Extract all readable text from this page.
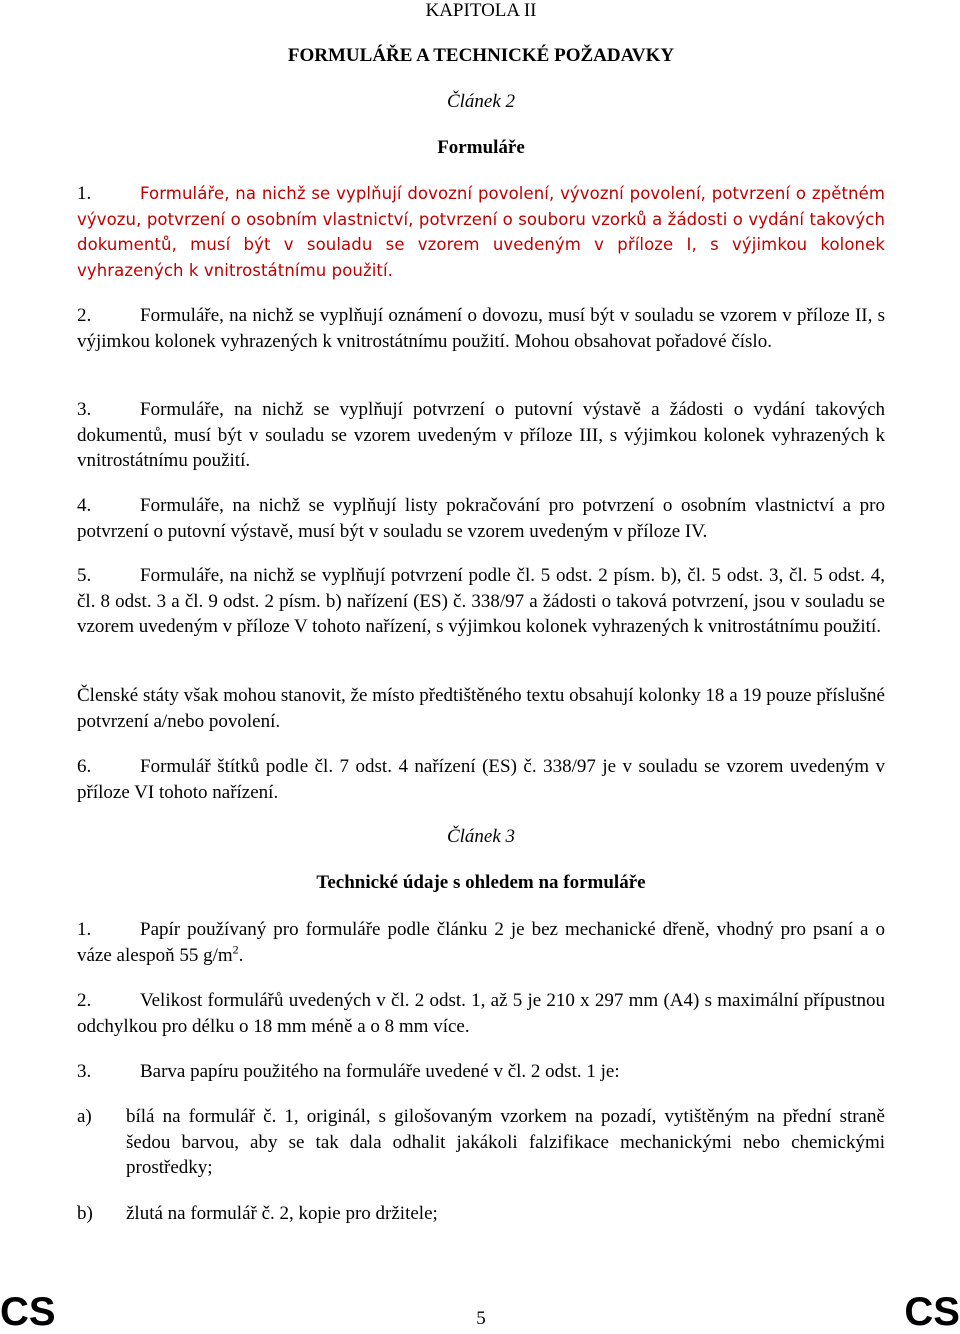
KAPITOLA II
FORMULÁŘE A TECHNICKÉ POŽADAVKY
Článek 2
Formuláře
1.	Formuláře, na nichž se vyplňují dovozní povolení, vývozní povolení, potvrzení o zpětném vývozu, potvrzení o osobním vlastnictví, potvrzení o souboru vzorků a žádosti o vydání takových dokumentů, musí být v souladu se vzorem uvedeným v příloze I, s výjimkou kolonek vyhrazených k vnitrostátnímu použití.
2.	Formuláře, na nichž se vyplňují oznámení o dovozu, musí být v souladu se vzorem v příloze II, s výjimkou kolonek vyhrazených k vnitrostátnímu použití. Mohou obsahovat pořadové číslo.
3.	Formuláře, na nichž se vyplňují potvrzení o putovní výstavě a žádosti o vydání takových dokumentů, musí být v souladu se vzorem uvedeným v příloze III, s výjimkou kolonek vyhrazených k vnitrostátnímu použití.
4.	Formuláře, na nichž se vyplňují listy pokračování pro potvrzení o osobním vlastnictví a pro potvrzení o putovní výstavě, musí být v souladu se vzorem uvedeným v příloze IV.
5.	Formuláře, na nichž se vyplňují potvrzení podle čl. 5 odst. 2 písm. b), čl. 5 odst. 3, čl. 5 odst. 4, čl. 8 odst. 3 a čl. 9 odst. 2 písm. b) nařízení (ES) č. 338/97 a žádosti o taková potvrzení, jsou v souladu se vzorem uvedeným v příloze V tohoto nařízení, s výjimkou kolonek vyhrazených k vnitrostátnímu použití.
Členské státy však mohou stanovit, že místo předtištěného textu obsahují kolonky 18 a 19 pouze příslušné potvrzení a/nebo povolení.
6.	Formulář štítků podle čl. 7 odst. 4 nařízení (ES) č. 338/97 je v souladu se vzorem uvedeným v příloze VI tohoto nařízení.
Článek 3
Technické údaje s ohledem na formuláře
1.	Papír používaný pro formuláře podle článku 2 je bez mechanické dřeně, vhodný pro psaní a o váze alespoň 55 $g/m^2$.
2.	Velikost formulářů uvedených v čl. 2 odst. 1, až 5 je 210 x 297 mm (A4) s maximální přípustnou odchylkou pro délku o 18 mm méně a o 8 mm více.
3.	Barva papíru použitého na formuláře uvedené v čl. 2 odst. 1 je:
a) bílá na formulář č. 1, originál, s gilošovaným vzorkem na pozadí, vytištěným na přední straně šedou barvou, aby se tak dala odhalit jakákoli falzifikace mechanickými nebo chemickými prostředky;
b) žlutá na formulář č. 2, kopie pro držitele;
5
CS	CS
